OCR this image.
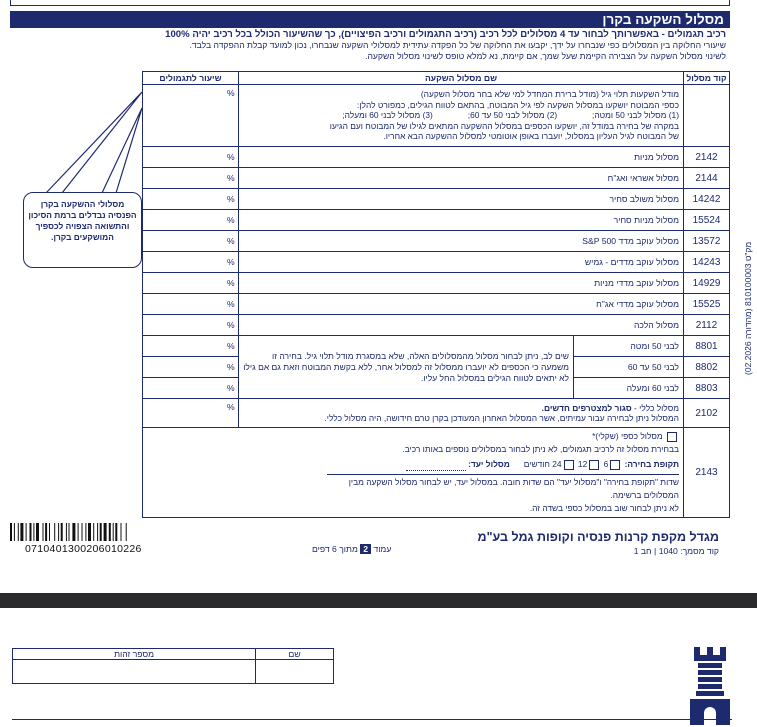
מסלול השקעה בקרן
רכיב תגמולים - באפשרותך לבחור עד 4 מסלולים לכל רכיב (רכיב התגמולים ורכיב הפיצויים), כך שהשיעור הכולל בכל רכיב יהיה 100%
שיעורי החלוקה בין המסלולים כפי שנבחרו על ידך, יקבעו את החלוקה של כל הפקדה עתידית למסלולי השקעה שנבחרו, נכון למועד קבלת ההפקדה בלבד.
לשינוי מסלול השקעה על הצבירה הקיימת שעל שמך, אם קיימת, נא למלא טופס לשינוי מסלול השקעה.
קוד מסלול	שם מסלול השקעה		שיעור לתגמולים

	מודל השקעות תלוי גיל (מודל ברירת המחדל למי שלא בחר מסלול השקעה)
כספי המבוטח יושקעו במסלול השקעה לפי גיל המבוטח, בהתאם לטווח הגילים, כמפורט להלן:
(1) מסלול לבני 50 ומטה;               (2) מסלול לבני 50 עד 60;               (3) מסלול לבני 60 ומעלה;
במקרה של בחירה במודל זה, יושקעו הכספים במסלול ההשקעה המתאים לגילו של המבוטח ועם הגיעו
של המבוטח לגיל העליון במסלול, יועברו באופן אוטומטי למסלול ההשקעה הבא אחריו.		%
2142	מסלול מניות		%
2144	מסלול אשראי ואג"ח		%
14242	מסלול משולב סחיר		%
15524	מסלול מניות סחיר		%
13572	מסלול עוקב מדד S&P 500		%
14243	מסלול עוקב מדדים - גמיש		%
14929	מסלול עוקב מדדי מניות		%
15525	מסלול עוקב מדדי אג"ח		%
2112	מסלול הלכה		%
8801	לבני 50 ומטה	שים לב, ניתן לבחור מסלול מהמסלולים האלה, שלא במסגרת מודל תלוי גיל. בחירה זו משמעה כי הכספים לא יועברו ממסלול זה למסלול אחר, ללא בקשת המבוטח וזאת גם אם גילו לא יתאים לטווח הגילים במסלול החל עליו.	%
8802	לבני 50 עד 60		%
8803	לבני 60 ומעלה		%
2102	מסלול כללי - סגור למצטרפים חדשים.
המסלול ניתן לבחירה עבור עמיתים, אשר המסלול האחרון המעודכן בקרן טרם חידושה, היה מסלול כללי.		%
2143	מסלול כספי (שקלי)*
בבחירת מסלול זה לרכיב תגמולים, לא ניתן לבחור במסלולים נוספים באותו רכיב.
תקופת בחירה: 6 12 24 חודשים      מסלול יעד:
שדות "תקופת בחירה" ו"מסלול יעד" הם שדות חובה. במסלול יעד, יש לבחור מסלול השקעה מבין המסלולים ברשימה.
לא ניתן לבחור שוב במסלול כספי בשדה זה.		
מסלולי ההשקעה בקרן הפנסיה נבדלים ברמת הסיכון והתשואה הצפויה לכספיך המושקעים בקרן.
מק"ט 810100003 (מהדורה 02.2026)
0710401300206010226	עמוד 2 מתוך 6 דפים
מגדל מקפת קרנות פנסיה וקופות גמל בע"מ
קוד מסמך: 1040 | חב 1
שם	מספר זהות
